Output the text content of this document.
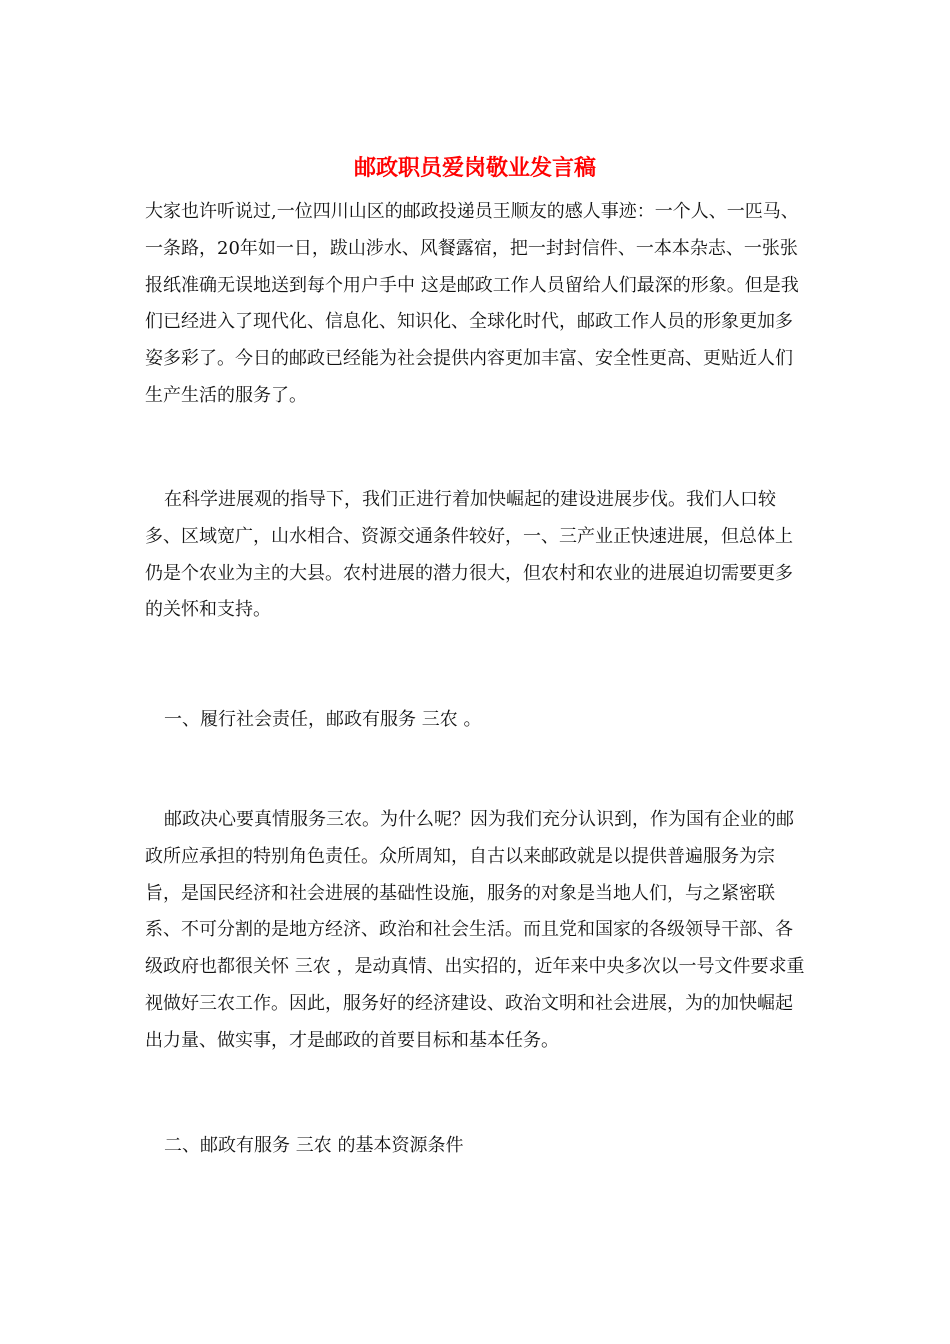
邮政职员爱岗敬业发言稿

大家也许听说过,一位四川山区的邮政投递员王顺友的感人事迹：一个人、一匹马、一条路，20年如一日，跋山涉水、风餐露宿，把一封封信件、一本本杂志、一张张报纸准确无误地送到每个用户手中 这是邮政工作人员留给人们最深的形象。但是我们已经进入了现代化、信息化、知识化、全球化时代，邮政工作人员的形象更加多姿多彩了。今日的邮政已经能为社会提供内容更加丰富、安全性更高、更贴近人们生产生活的服务了。

在科学进展观的指导下，我们正进行着加快崛起的建设进展步伐。我们人口较多、区域宽广，山水相合、资源交通条件较好，一、三产业正快速进展，但总体上仍是个农业为主的大县。农村进展的潜力很大，但农村和农业的进展迫切需要更多的关怀和支持。

一、履行社会责任，邮政有服务 三农 。

邮政决心要真情服务三农。为什么呢？因为我们充分认识到，作为国有企业的邮政所应承担的特别角色责任。众所周知，自古以来邮政就是以提供普遍服务为宗旨，是国民经济和社会进展的基础性设施，服务的对象是当地人们，与之紧密联系、不可分割的是地方经济、政治和社会生活。而且党和国家的各级领导干部、各级政府也都很关怀 三农 ，是动真情、出实招的，近年来中央多次以一号文件要求重视做好三农工作。因此，服务好的经济建设、政治文明和社会进展，为的加快崛起出力量、做实事，才是邮政的首要目标和基本任务。

二、邮政有服务 三农 的基本资源条件
